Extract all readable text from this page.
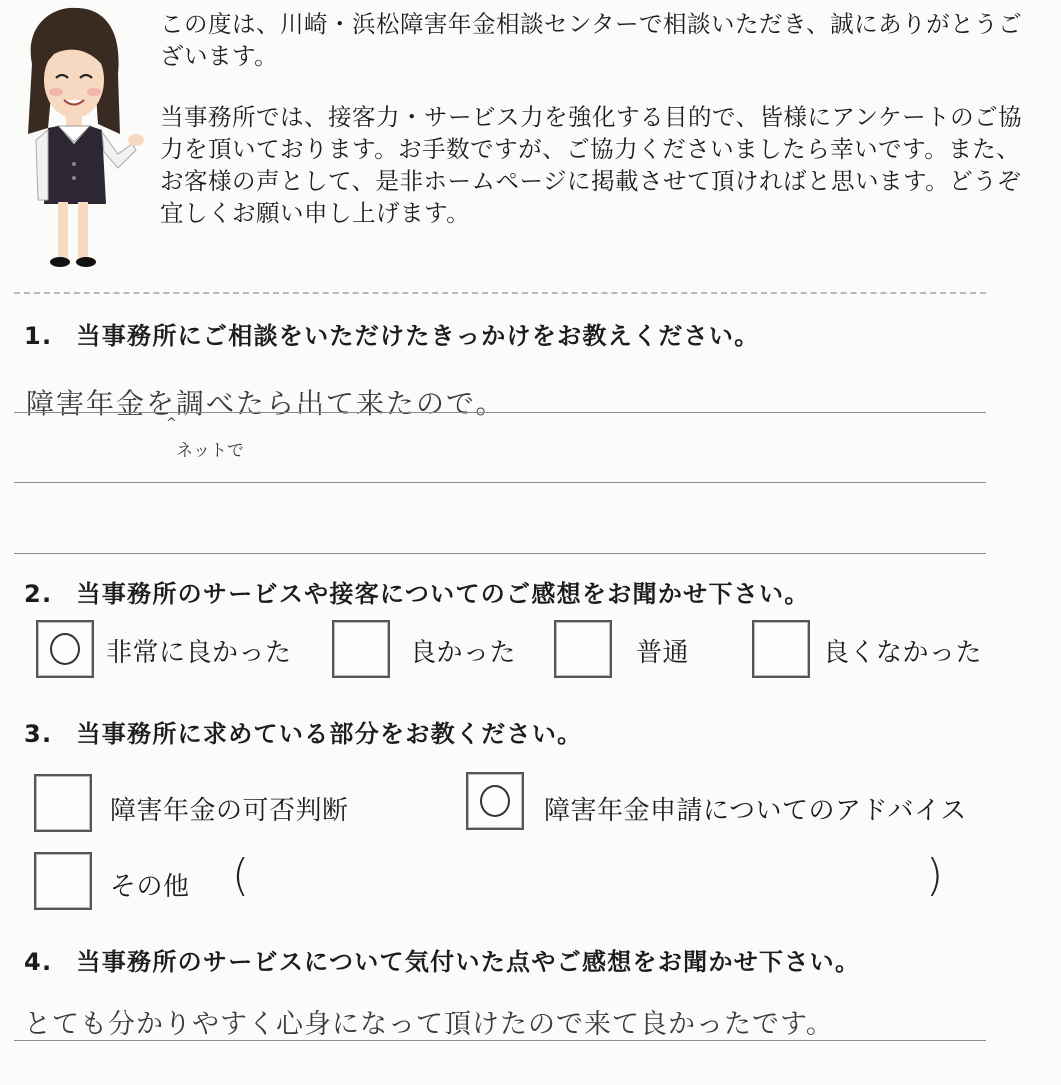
この度は、川崎・浜松障害年金相談センターで相談いただき、誠にありがとうございます。

当事務所では、接客力・サービス力を強化する目的で、皆様にアンケートのご協力を頂いております。お手数ですが、ご協力くださいましたら幸いです。また、お客様の声として、是非ホームページに掲載させて頂ければと思います。どうぞ宜しくお願い申し上げます。

1. 当事務所にご相談をいただけたきっかけをお教えください。
障害年金を調べたら出て来たので。
^
ネットで
2. 当事務所のサービスや接客についてのご感想をお聞かせ下さい。
非常に良かった	良かった	普通	良くなかった
3. 当事務所に求めている部分をお教ください。
障害年金の可否判断	障害年金申請についてのアドバイス
その他 (	)
4. 当事務所のサービスについて気付いた点やご感想をお聞かせ下さい。
とても分かりやすく心身になって頂けたので来て良かったです。
